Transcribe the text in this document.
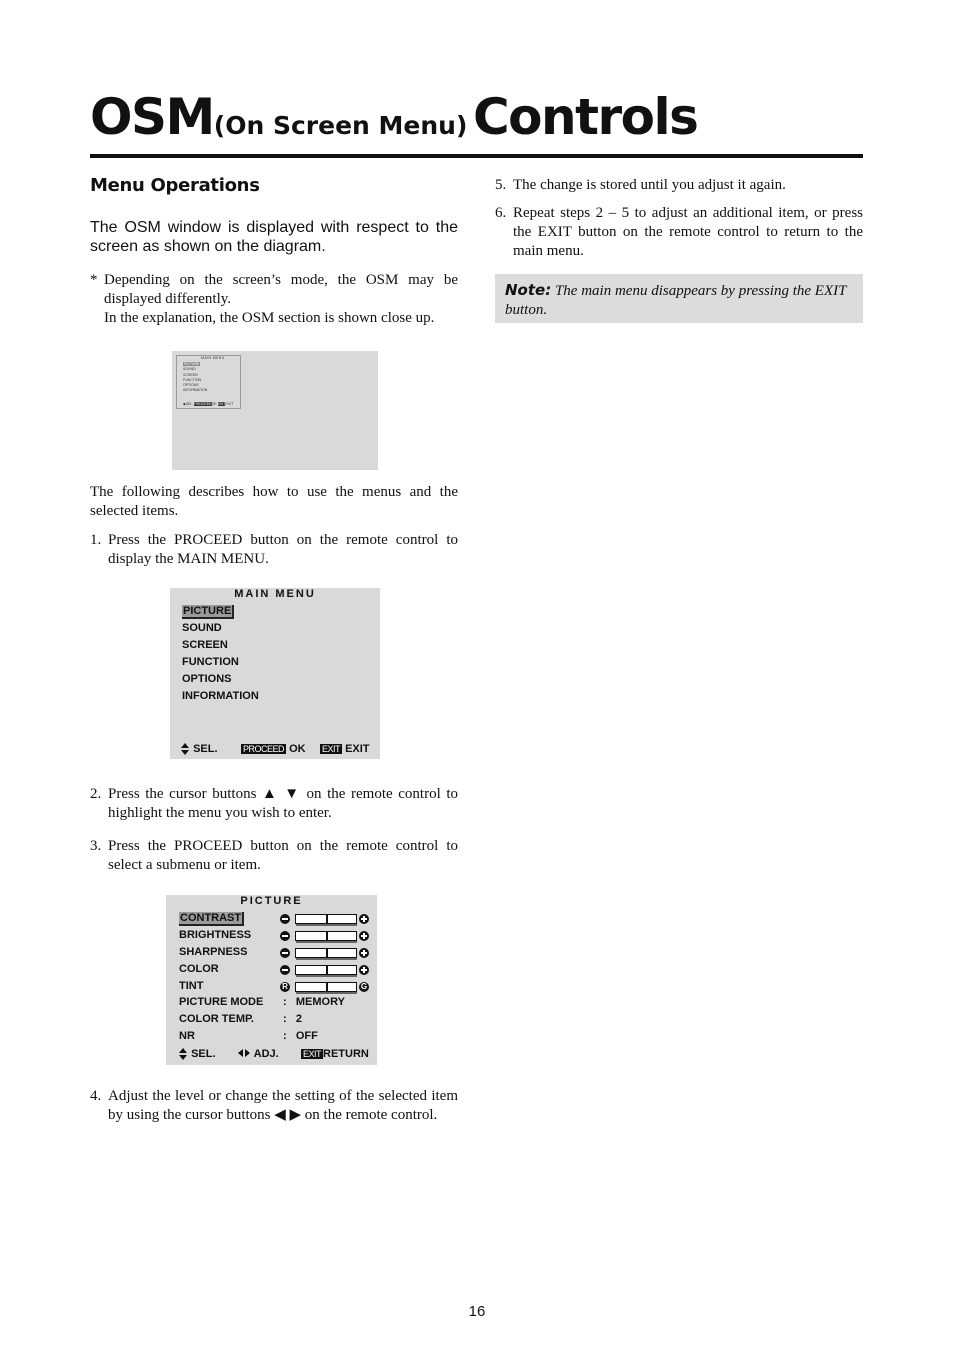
OSM(On Screen Menu) Controls
Menu Operations

The OSM window is displayed with respect to the screen as shown on the diagram.

* Depending on the screen’s mode, the OSM may be displayed differently.
In the explanation, the OSM section is shown close up.
MAIN MENU
PICTURE
SOUND
SCREEN
FUNCTION
OPTIONS
INFORMATION
◆SEL. PROCEEDOK EXITEXIT

The following describes how to use the menus and the selected items.

1. Press the PROCEED button on the remote control to display the MAIN MENU.
MAIN MENU
PICTURE
SOUND
SCREEN
FUNCTION
OPTIONS
INFORMATION
SEL.	PROCEED OK EXIT EXIT
2. Press the cursor buttons ▲ ▼ on the remote control to highlight the menu you wish to enter.
3. Press the PROCEED button on the remote control to select a submenu or item.
PICTURE
CONTRAST
BRIGHTNESS
SHARPNESS
COLOR
TINT	R	G
PICTURE MODE : MEMORY
COLOR TEMP.	: 2
NR	: OFF
SEL.	ADJ.	EXIT RETURN
4. Adjust the level or change the setting of the selected item by using the cursor buttons ◀ ▶ on the remote control.
5. The change is stored until you adjust it again.
6. Repeat steps 2 – 5 to adjust an additional item, or press the EXIT button on the remote control to return to the main menu.

Note: The main menu disappears by pressing the EXIT button.

16
